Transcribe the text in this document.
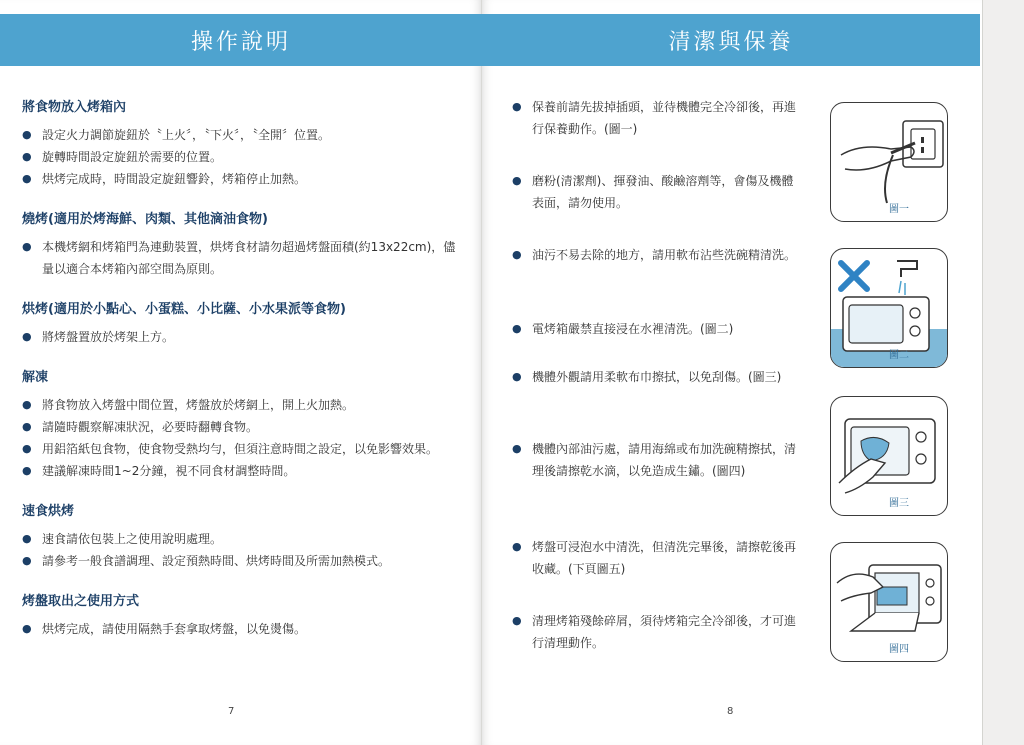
操作說明
將食物放入烤箱內
● 設定火力調節旋鈕於〝上火〞，〝下火〞，〝全開〞位置。
● 旋轉時間設定旋鈕於需要的位置。
● 烘烤完成時，時間設定旋鈕響鈴，烤箱停止加熱。
燒烤(適用於烤海鮮、肉類、其他滴油食物)
● 本機烤網和烤箱門為連動裝置，烘烤食材請勿超過烤盤面積(約13x22cm)，儘量以適合本烤箱內部空間為原則。
烘烤(適用於小點心、小蛋糕、小比薩、小水果派等食物)
● 將烤盤置放於烤架上方。
解凍
● 將食物放入烤盤中間位置，烤盤放於烤網上，開上火加熱。
● 請隨時觀察解凍狀況，必要時翻轉食物。
● 用鋁箔紙包食物，使食物受熱均勻，但須注意時間之設定，以免影響效果。
● 建議解凍時間1~2分鐘，視不同食材調整時間。
速食烘烤
● 速食請依包裝上之使用說明處理。
● 請參考一般食譜調理、設定預熱時間、烘烤時間及所需加熱模式。
烤盤取出之使用方式
● 烘烤完成，請使用隔熱手套拿取烤盤，以免燙傷。
7
清潔與保養
● 保養前請先拔掉插頭，並待機體完全冷卻後，再進行保養動作。(圖一)
● 磨粉(清潔劑)、揮發油、酸鹼溶劑等，會傷及機體表面，請勿使用。
● 油污不易去除的地方，請用軟布沾些洗碗精清洗。
● 電烤箱嚴禁直接浸在水裡清洗。(圖二)
● 機體外觀請用柔軟布巾擦拭，以免刮傷。(圖三)
● 機體內部油污處，請用海綿或布加洗碗精擦拭，清理後請擦乾水滴，以免造成生鏽。(圖四)
● 烤盤可浸泡水中清洗，但清洗完畢後，請擦乾後再收藏。(下頁圖五)
● 清理烤箱殘餘碎屑，須待烤箱完全冷卻後，才可進行清理動作。
圖一
圖二
圖三
圖四
8
